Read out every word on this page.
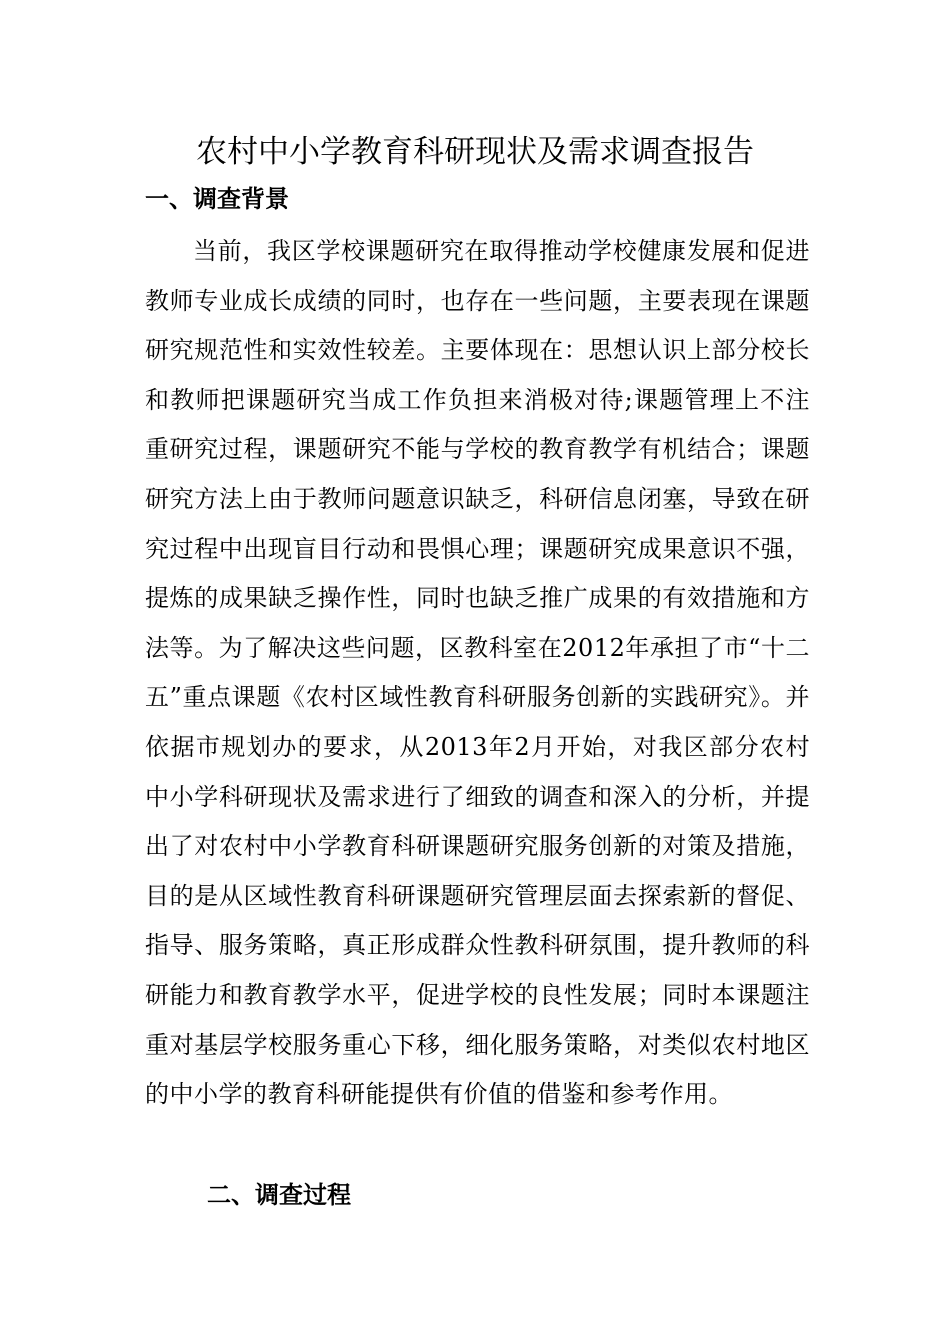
农村中小学教育科研现状及需求调查报告
一、调查背景

当前，我区学校课题研究在取得推动学校健康发展和促进教师专业成长成绩的同时，也存在一些问题，主要表现在课题研究规范性和实效性较差。主要体现在：思想认识上部分校长和教师把课题研究当成工作负担来消极对待;课题管理上不注重研究过程，课题研究不能与学校的教育教学有机结合；课题研究方法上由于教师问题意识缺乏，科研信息闭塞，导致在研究过程中出现盲目行动和畏惧心理；课题研究成果意识不强，提炼的成果缺乏操作性，同时也缺乏推广成果的有效措施和方法等。为了解决这些问题，区教科室在2012年承担了市“十二五”重点课题《农村区域性教育科研服务创新的实践研究》。并依据市规划办的要求，从2013年2月开始，对我区部分农村中小学科研现状及需求进行了细致的调查和深入的分析，并提出了对农村中小学教育科研课题研究服务创新的对策及措施，目的是从区域性教育科研课题研究管理层面去探索新的督促、指导、服务策略，真正形成群众性教科研氛围，提升教师的科研能力和教育教学水平，促进学校的良性发展；同时本课题注重对基层学校服务重心下移，细化服务策略，对类似农村地区的中小学的教育科研能提供有价值的借鉴和参考作用。

二、调查过程
